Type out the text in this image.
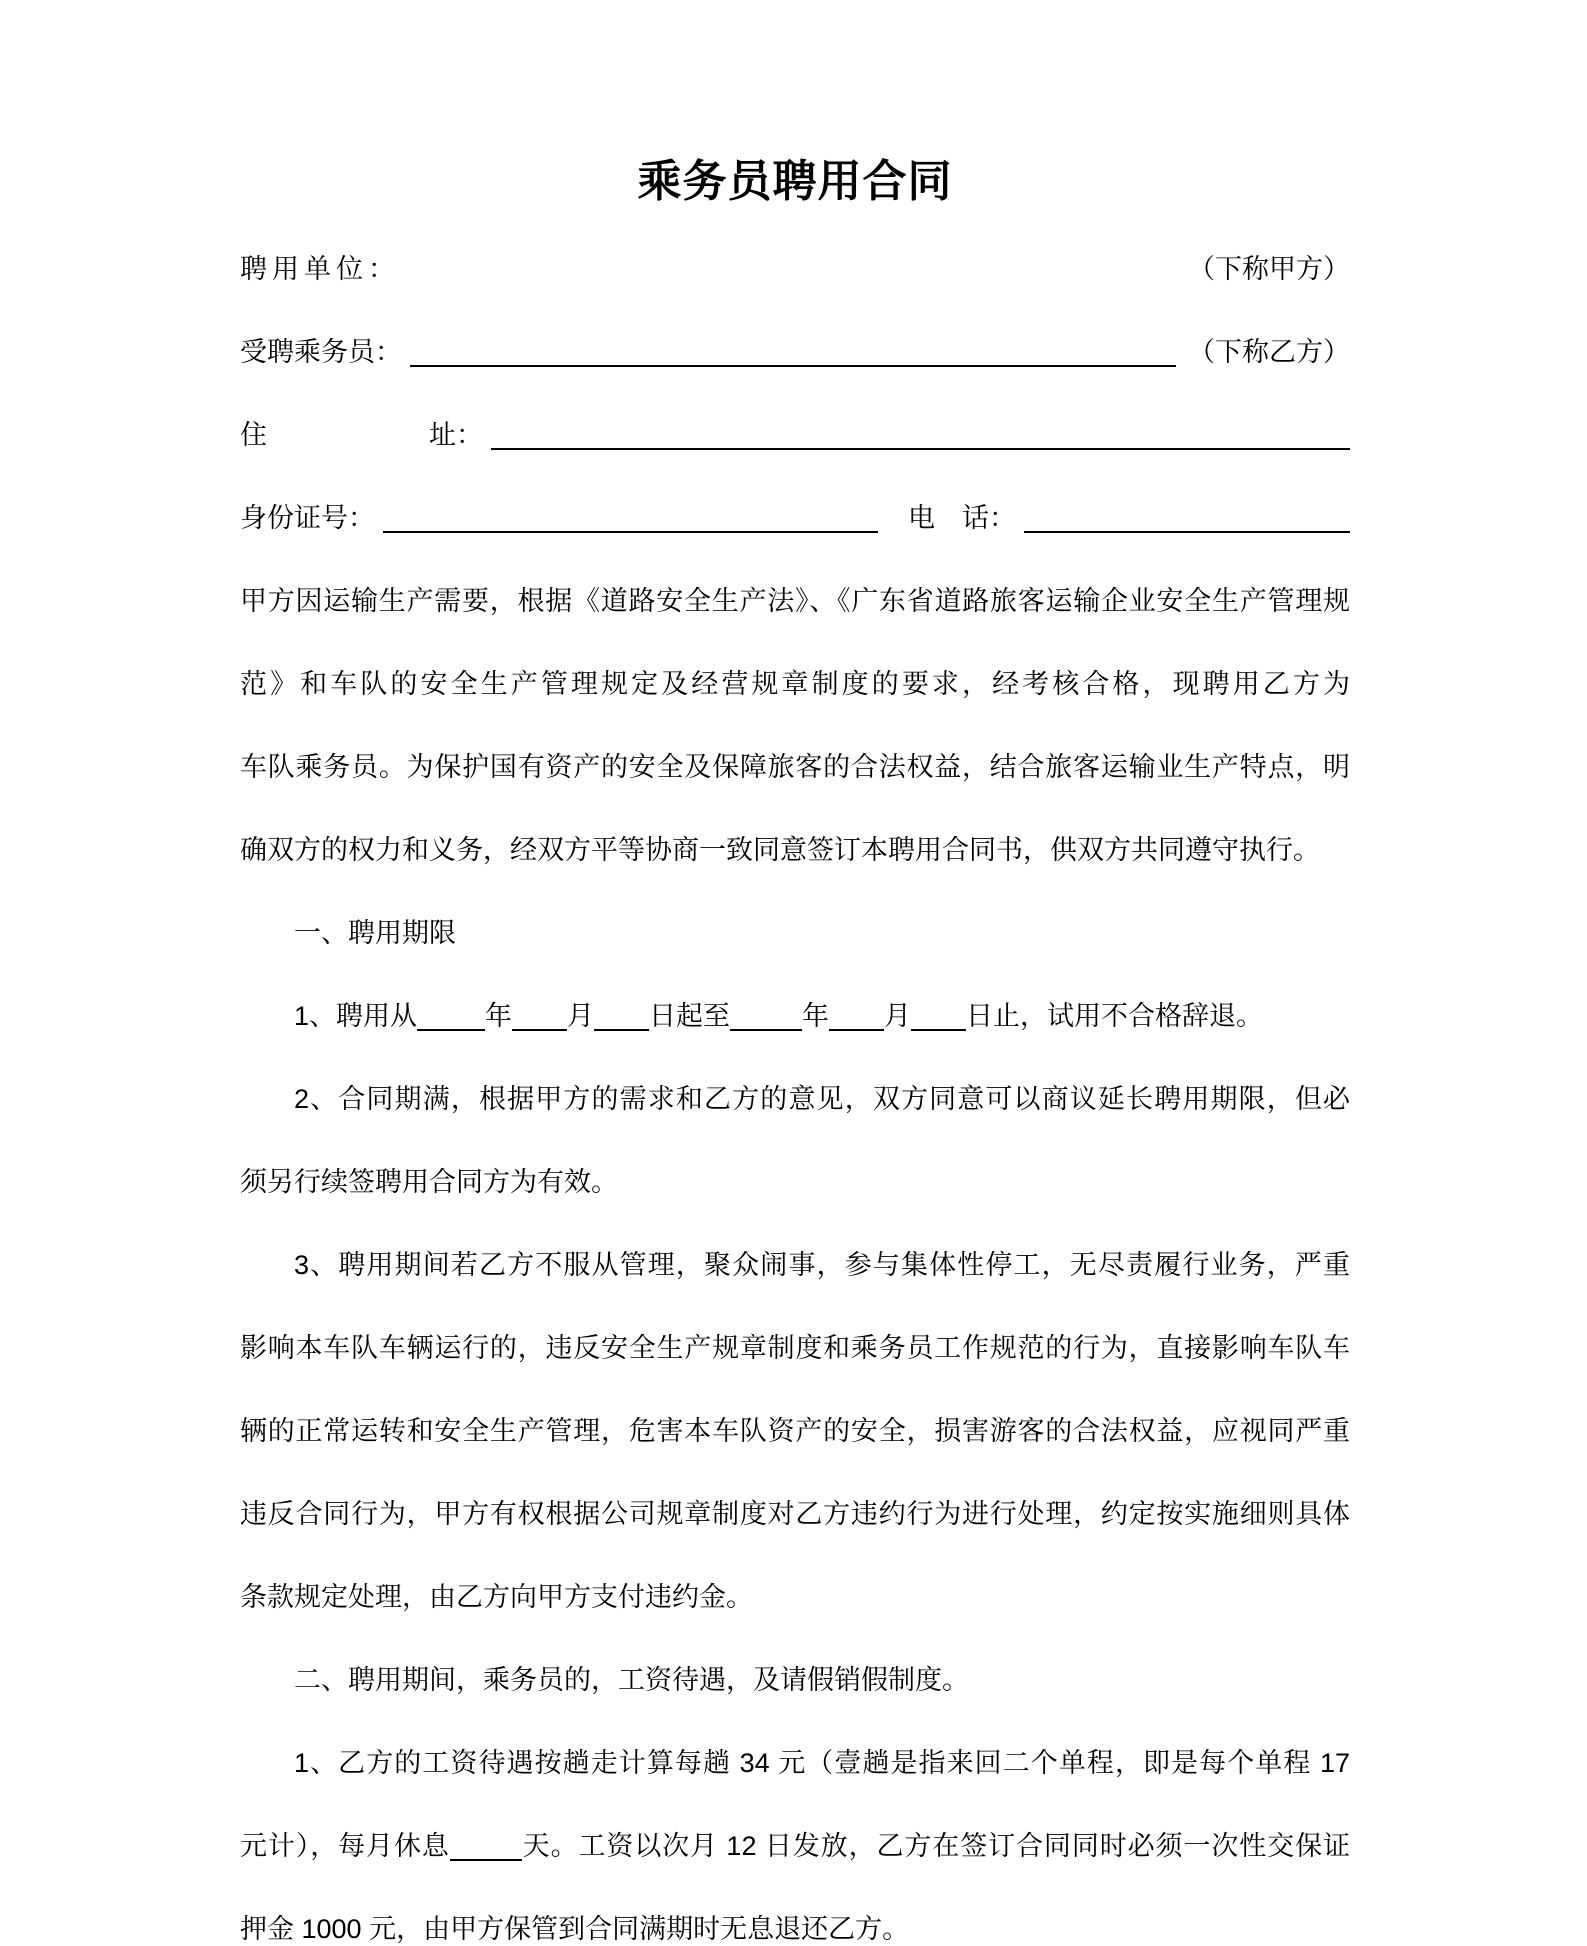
乘务员聘用合同
聘用单位：	（下称甲方）
受聘乘务员：	（下称乙方）
住　　　　　　址：
身份证号：	电　话：
甲方因运输生产需要，根据《道路安全生产法》、《广东省道路旅客运输企业安全生产管理规
范》和车队的安全生产管理规定及经营规章制度的要求，经考核合格，现聘用乙方为
车队乘务员。为保护国有资产的安全及保障旅客的合法权益，结合旅客运输业生产特点，明
确双方的权力和义务，经双方平等协商一致同意签订本聘用合同书，供双方共同遵守执行。
一、聘用期限
1、聘用从	年 月 日起至	年 月 日止，试用不合格辞退。
2、合同期满，根据甲方的需求和乙方的意见，双方同意可以商议延长聘用期限，但必
须另行续签聘用合同方为有效。
3、聘用期间若乙方不服从管理，聚众闹事，参与集体性停工，无尽责履行业务，严重
影响本车队车辆运行的，违反安全生产规章制度和乘务员工作规范的行为，直接影响车队车
辆的正常运转和安全生产管理，危害本车队资产的安全，损害游客的合法权益，应视同严重
违反合同行为，甲方有权根据公司规章制度对乙方违约行为进行处理，约定按实施细则具体
条款规定处理，由乙方向甲方支付违约金。
二、聘用期间，乘务员的，工资待遇，及请假销假制度。
1、乙方的工资待遇按趟走计算每趟 34 元（壹趟是指来回二个单程，即是每个单程 17
元计），每月休息	天。工资以次月 12 日发放，乙方在签订合同同时必须一次性交保证
押金 1000 元，由甲方保管到合同满期时无息退还乙方。
